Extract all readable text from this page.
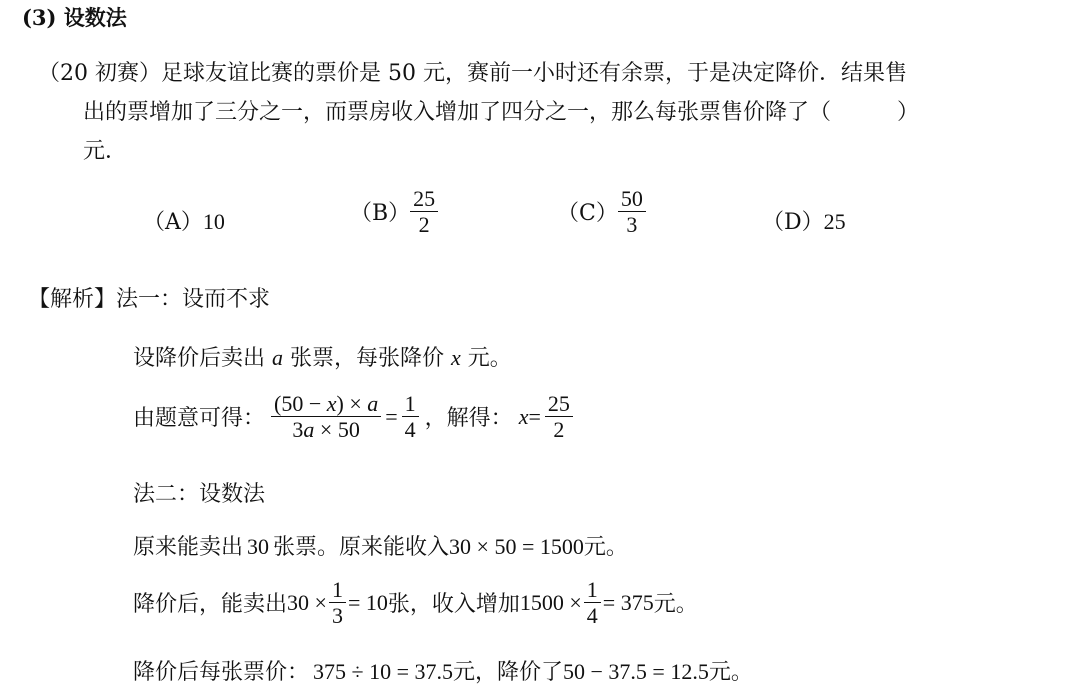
(3) 设数法
（20 初赛）足球友谊比赛的票价是 50 元，赛前一小时还有余票，于是决定降价．结果售
出的票增加了三分之一，而票房收入增加了四分之一，那么每张票售价降了（　　　）
元．
（A）10	$(B) \frac{25}{2}$	$(C) \frac{50}{3}$	（D）25
【解析】法一：设而不求
设降价后卖出 a 张票，每张降价 x 元。
由题意可得： $\frac{(50 - x) \times a}{3a \times 50} = \frac{1}{4}$ ，解得： $x = \frac{25}{2}$
法二：设数法
原来能卖出 30 张票。原来能收入30 × 50 = 1500元。
降价后，能卖出 $30 \times \frac{1}{3} = 10$ 张，收入增加 $1500 \times \frac{1}{4} = 375$ 元。
降价后每张票价： 375 ÷ 10 = 37.5元，降价了50 − 37.5 = 12.5元。
